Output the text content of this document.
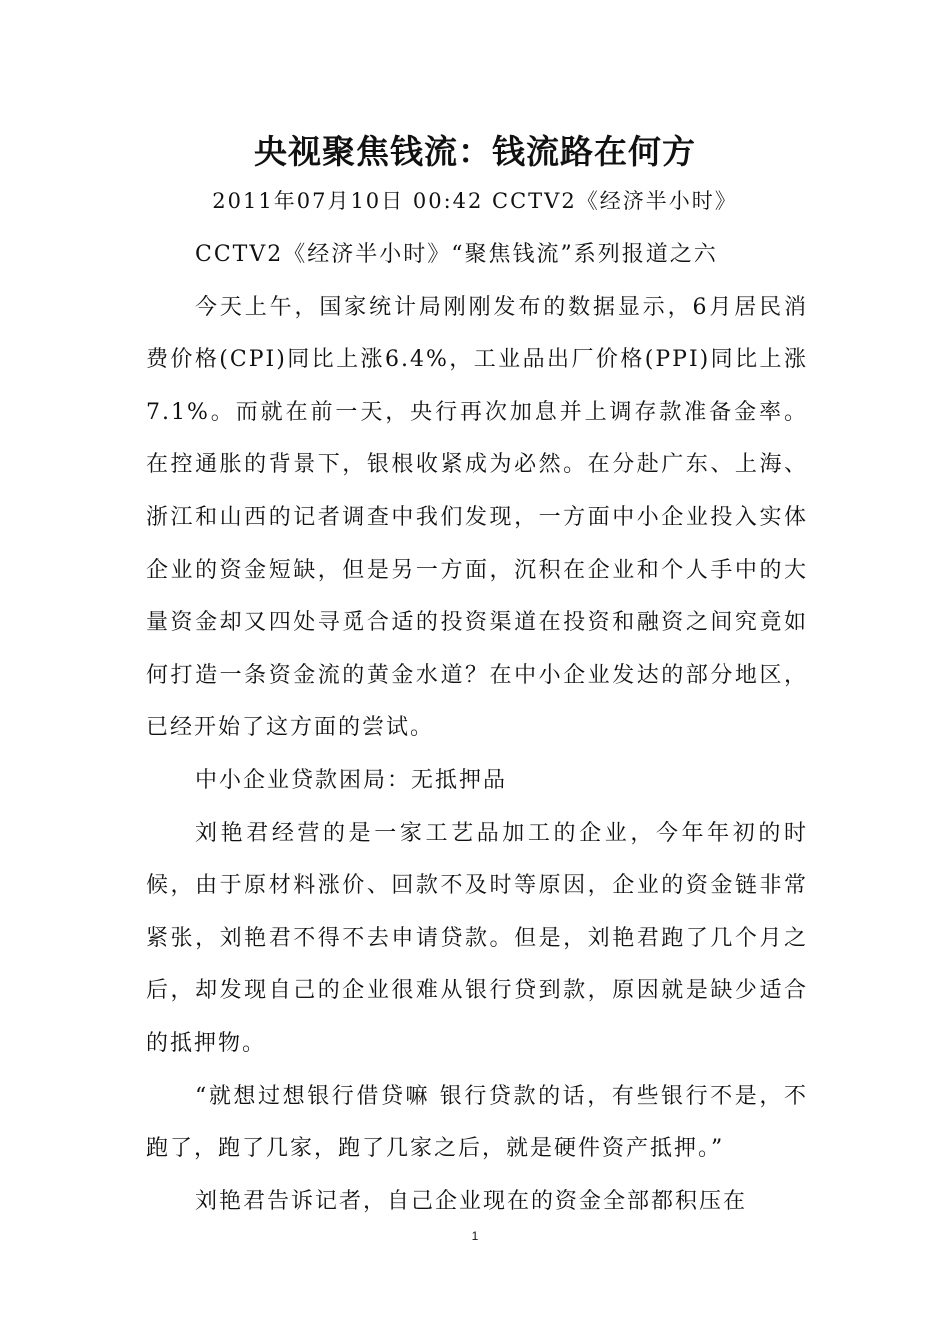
央视聚焦钱流：钱流路在何方
2011年07月10日 00:42 CCTV2《经济半小时》

CCTV2《经济半小时》“聚焦钱流”系列报道之六

今天上午，国家统计局刚刚发布的数据显示，6月居民消费价格(CPI)同比上涨6.4%，工业品出厂价格(PPI)同比上涨7.1%。而就在前一天，央行再次加息并上调存款准备金率。在控通胀的背景下，银根收紧成为必然。在分赴广东、上海、浙江和山西的记者调查中我们发现，一方面中小企业投入实体企业的资金短缺，但是另一方面，沉积在企业和个人手中的大量资金却又四处寻觅合适的投资渠道在投资和融资之间究竟如何打造一条资金流的黄金水道？在中小企业发达的部分地区，已经开始了这方面的尝试。

中小企业贷款困局：无抵押品

刘艳君经营的是一家工艺品加工的企业，今年年初的时候，由于原材料涨价、回款不及时等原因，企业的资金链非常紧张，刘艳君不得不去申请贷款。但是，刘艳君跑了几个月之后，却发现自己的企业很难从银行贷到款，原因就是缺少适合的抵押物。

“就想过想银行借贷嘛 银行贷款的话，有些银行不是，不跑了，跑了几家，跑了几家之后，就是硬件资产抵押。”

刘艳君告诉记者，自己企业现在的资金全部都积压在

1
